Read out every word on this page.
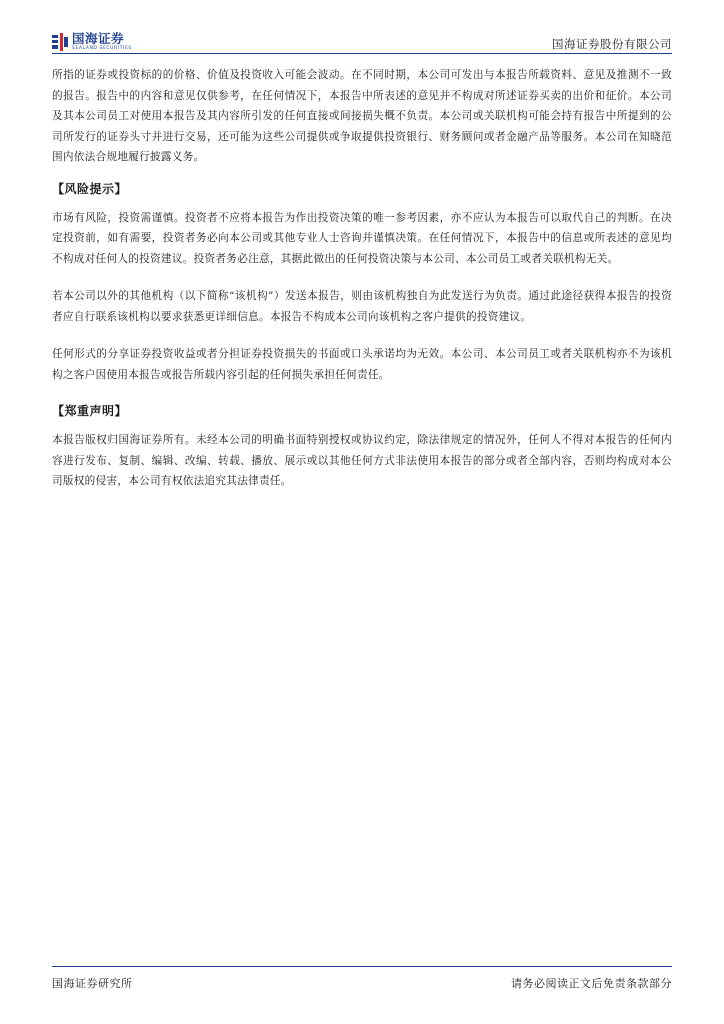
国海证券
SEALAND SECURITIES	国海证券股份有限公司

所指的证券或投资标的的价格、价值及投资收入可能会波动。在不同时期，本公司可发出与本报告所载资料、意见及推测不一致的报告。报告中的内容和意见仅供参考，在任何情况下，本报告中所表述的意见并不构成对所述证券买卖的出价和征价。本公司及其本公司员工对使用本报告及其内容所引发的任何直接或间接损失概不负责。本公司或关联机构可能会持有报告中所提到的公司所发行的证券头寸并进行交易，还可能为这些公司提供或争取提供投资银行、财务顾问或者金融产品等服务。本公司在知晓范围内依法合规地履行披露义务。

【风险提示】

市场有风险，投资需谨慎。投资者不应将本报告为作出投资决策的唯一参考因素，亦不应认为本报告可以取代自己的判断。在决定投资前，如有需要，投资者务必向本公司或其他专业人士咨询并谨慎决策。在任何情况下，本报告中的信息或所表述的意见均不构成对任何人的投资建议。投资者务必注意，其据此做出的任何投资决策与本公司、本公司员工或者关联机构无关。

若本公司以外的其他机构（以下简称“该机构”）发送本报告，则由该机构独自为此发送行为负责。通过此途径获得本报告的投资者应自行联系该机构以要求获悉更详细信息。本报告不构成本公司向该机构之客户提供的投资建议。

任何形式的分享证券投资收益或者分担证券投资损失的书面或口头承诺均为无效。本公司、本公司员工或者关联机构亦不为该机构之客户因使用本报告或报告所载内容引起的任何损失承担任何责任。

【郑重声明】

本报告版权归国海证券所有。未经本公司的明确书面特别授权或协议约定，除法律规定的情况外，任何人不得对本报告的任何内容进行发布、复制、编辑、改编、转载、播放、展示或以其他任何方式非法使用本报告的部分或者全部内容，否则均构成对本公司版权的侵害，本公司有权依法追究其法律责任。

国海证券研究所	请务必阅读正文后免责条款部分
